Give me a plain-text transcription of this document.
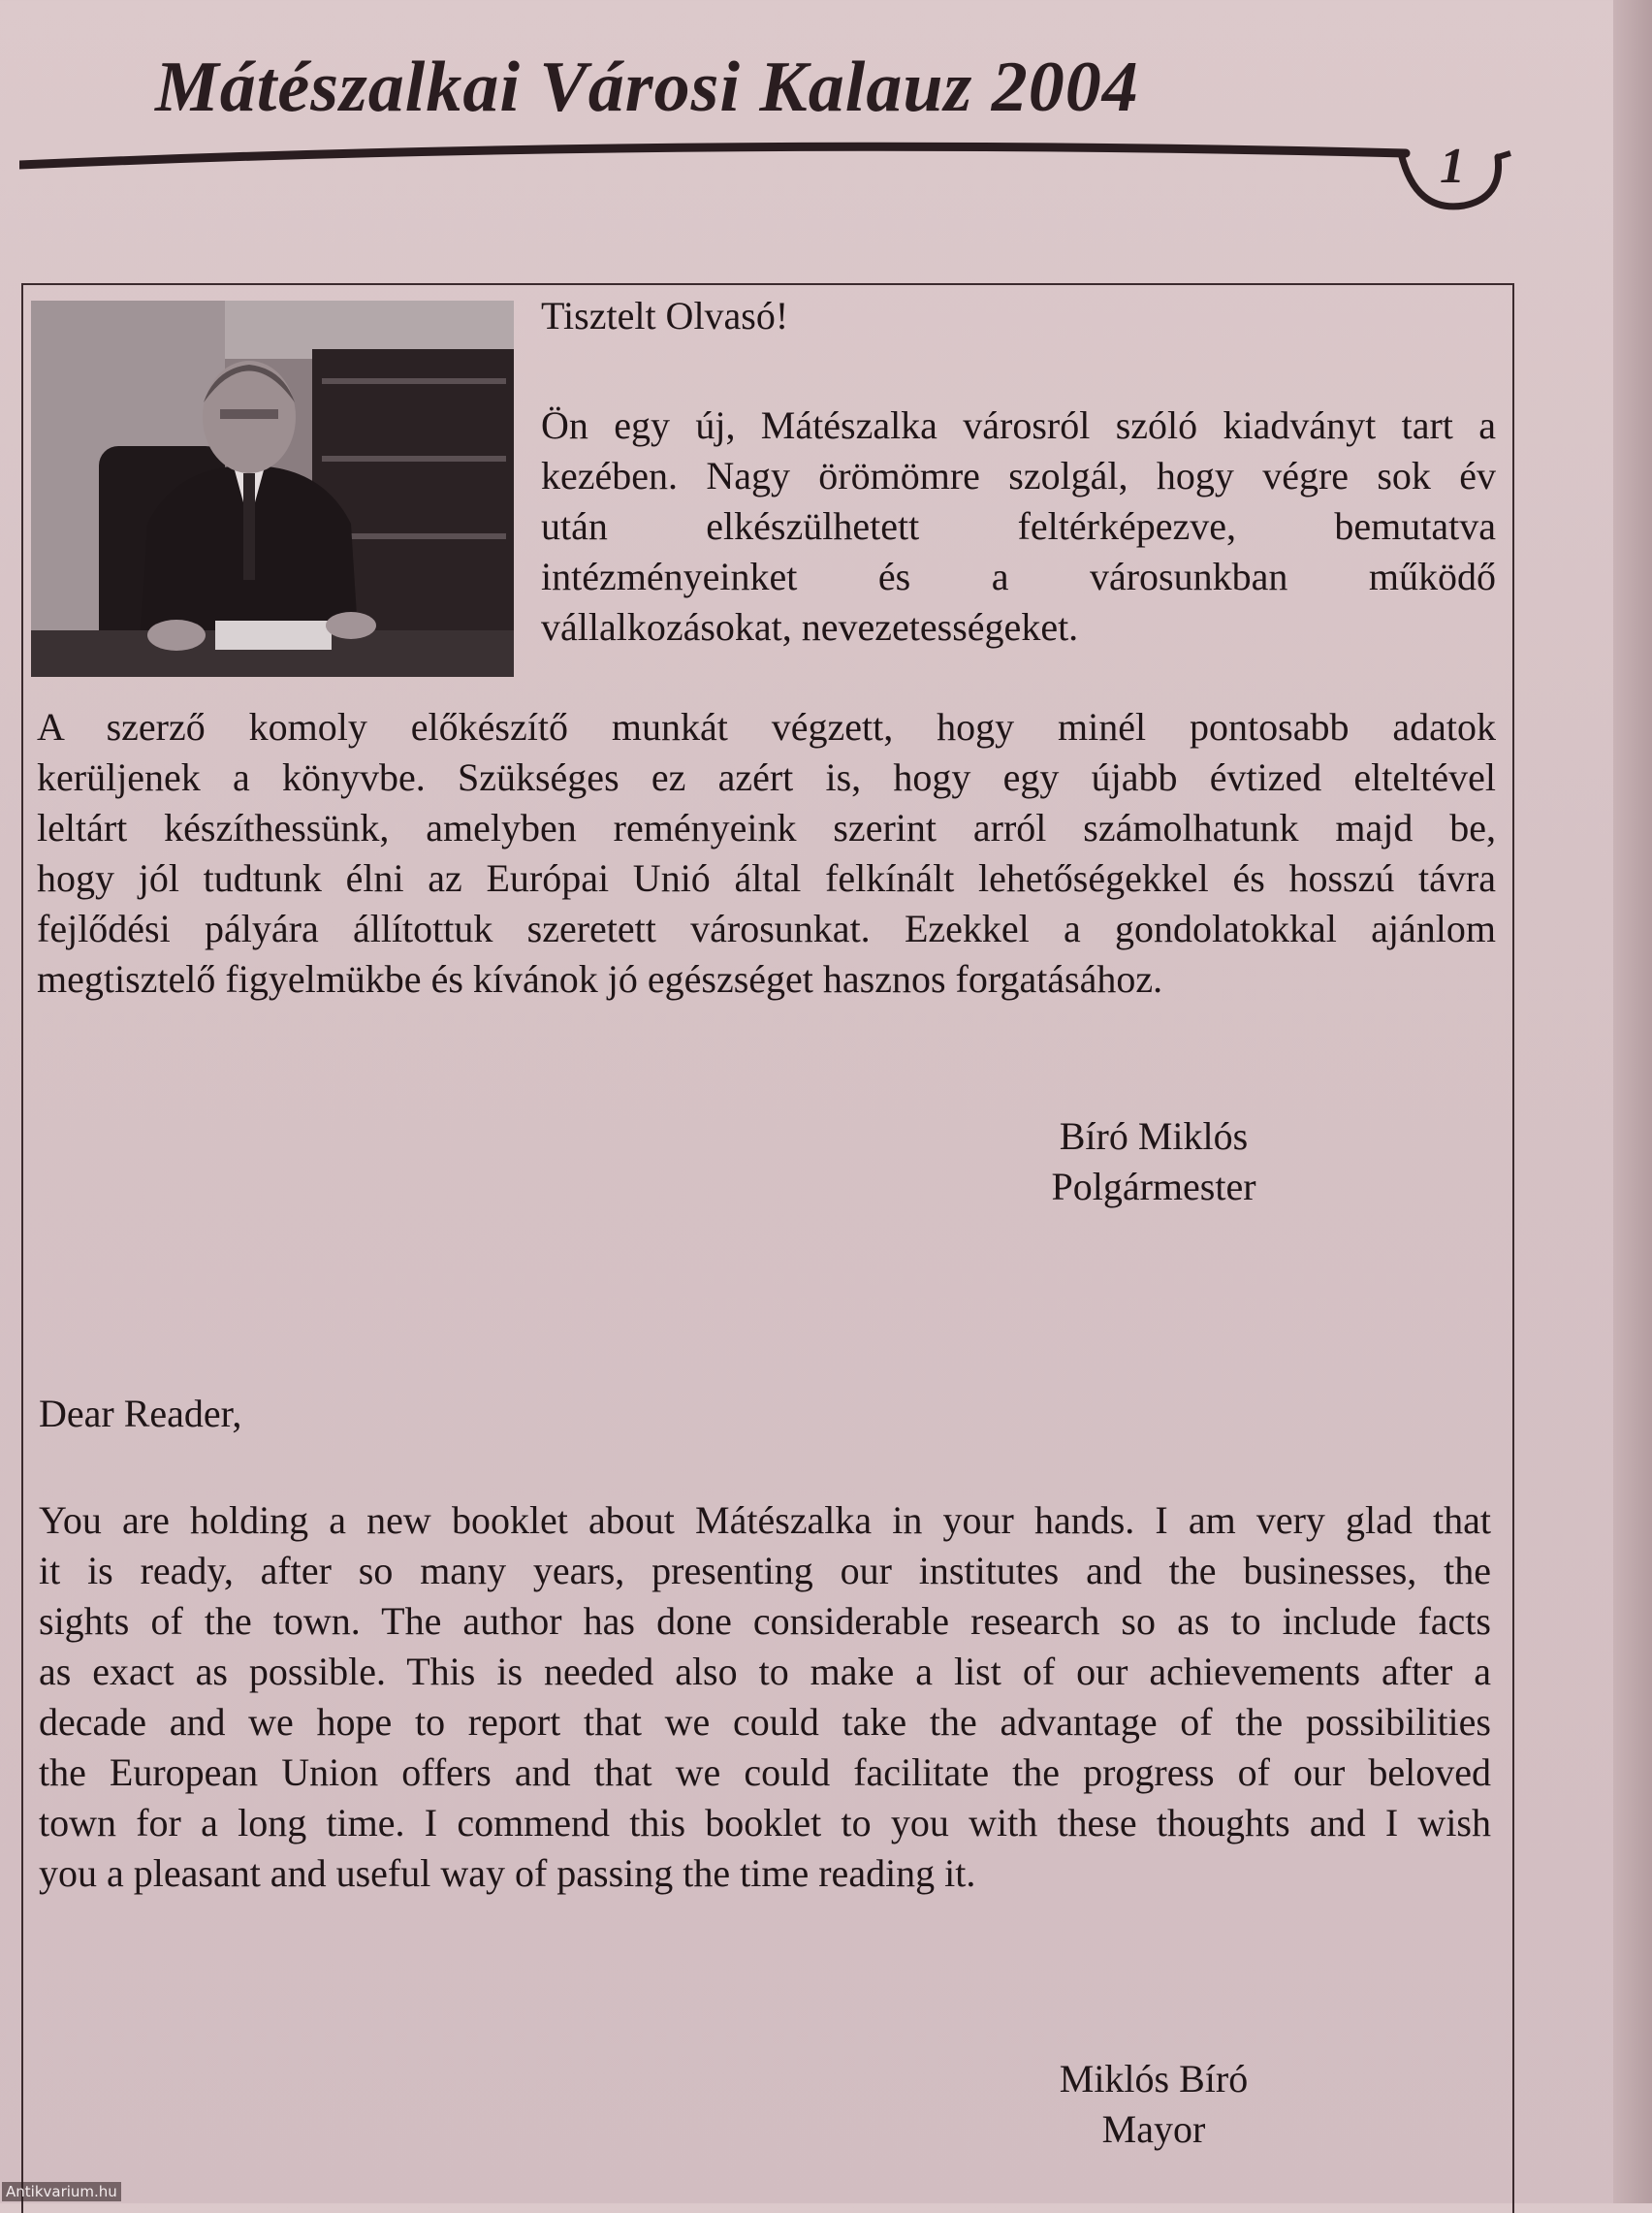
Mátészalkai Városi Kalauz 2004
1
Tisztelt Olvasó!
Ön egy új, Mátészalka városról szóló kiadványt tart a
kezében. Nagy örömömre szolgál, hogy végre sok év
után elkészülhetett feltérképezve, bemutatva
intézményeinket és a városunkban működő
vállalkozásokat, nevezetességeket.
A szerző komoly előkészítő munkát végzett, hogy minél pontosabb adatok
kerüljenek a könyvbe. Szükséges ez azért is, hogy egy újabb évtized elteltével
leltárt készíthessünk, amelyben reményeink szerint arról számolhatunk majd be,
hogy jól tudtunk élni az Európai Unió által felkínált lehetőségekkel és hosszú távra
fejlődési pályára állítottuk szeretett városunkat. Ezekkel a gondolatokkal ajánlom
megtisztelő figyelmükbe és kívánok jó egészséget hasznos forgatásához.
Bíró Miklós
Polgármester
Dear Reader,
You are holding a new booklet about Mátészalka in your hands. I am very glad that
it is ready, after so many years, presenting our institutes and the businesses, the
sights of the town. The author has done considerable research so as to include facts
as exact as possible. This is needed also to make a list of our achievements after a
decade and we hope to report that we could take the advantage of the possibilities
the European Union offers and that we could facilitate the progress of our beloved
town for a long time. I commend this booklet to you with these thoughts and I wish
you a pleasant and useful way of passing the time reading it.
Miklós Bíró
Mayor
Antikvarium.hu
